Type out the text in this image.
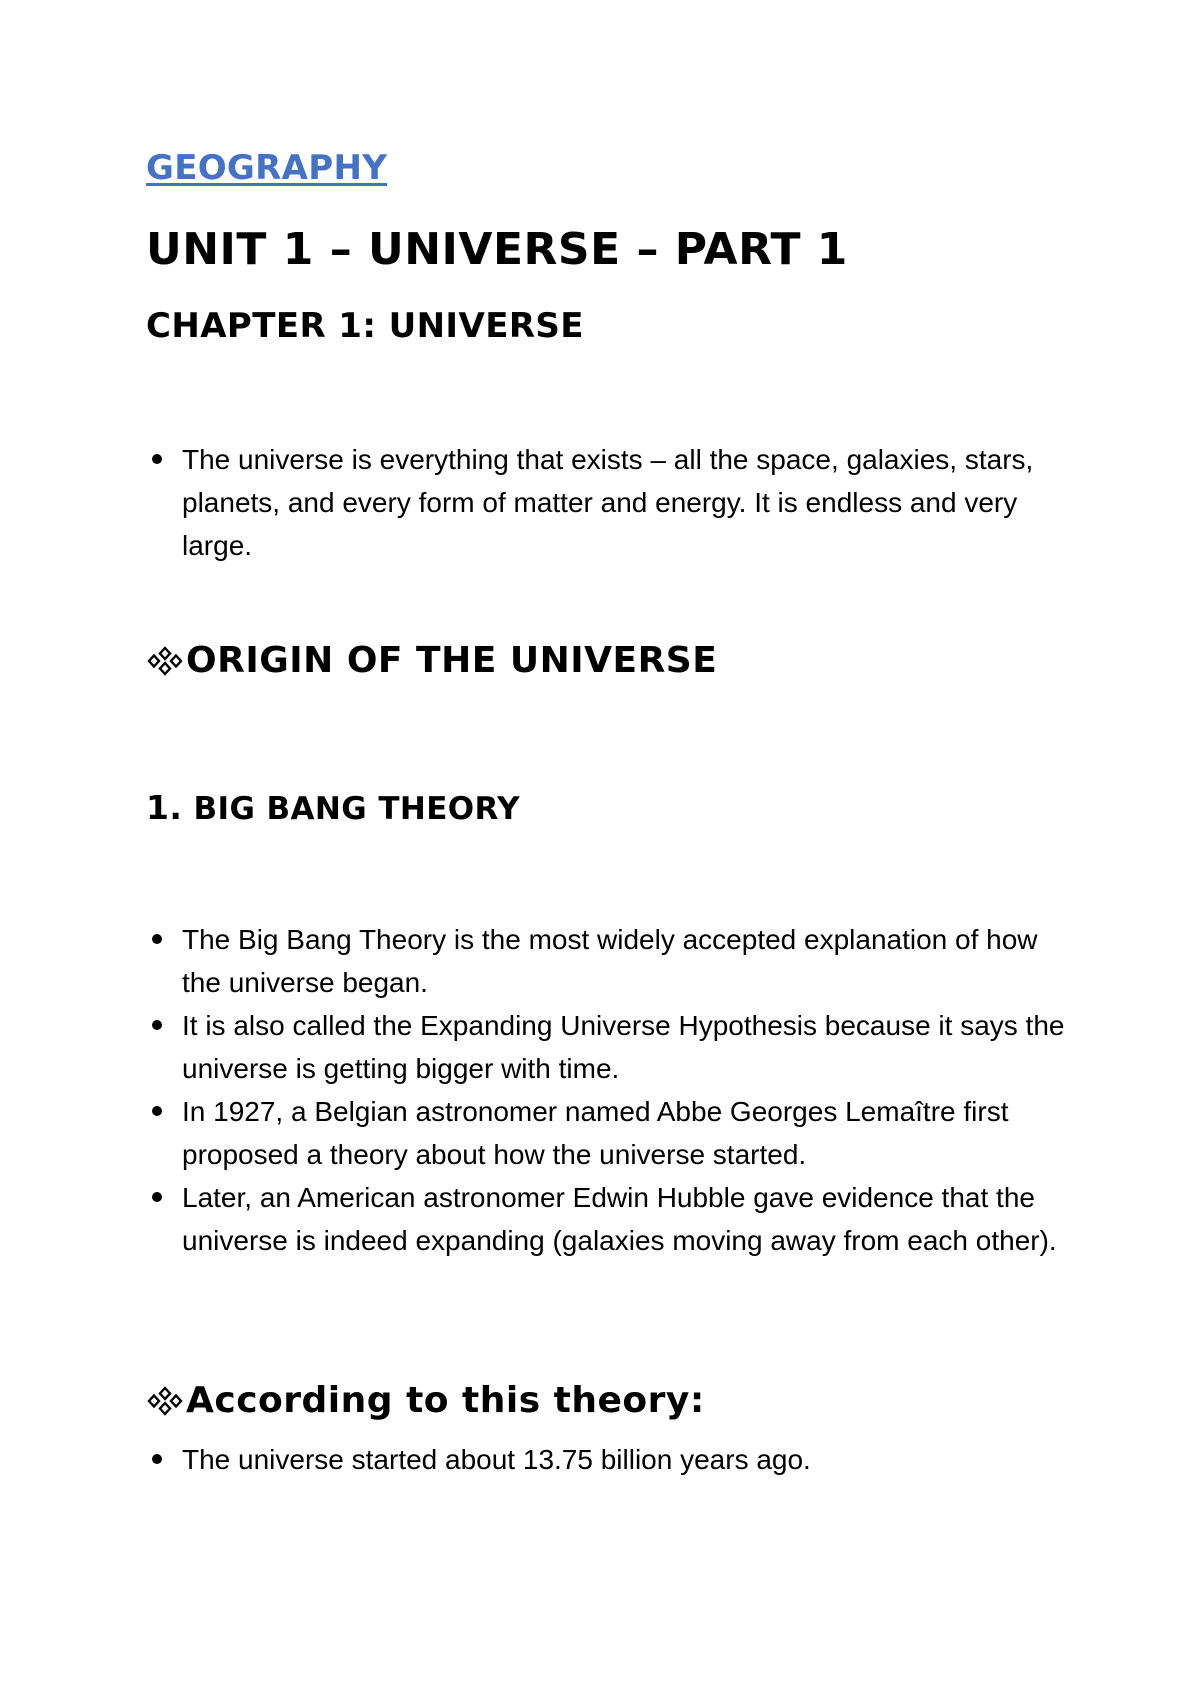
GEOGRAPHY
UNIT 1 – UNIVERSE – PART 1
CHAPTER 1: UNIVERSE
The universe is everything that exists – all the space, galaxies, stars, planets, and every form of matter and energy. It is endless and very large.
ORIGIN OF THE UNIVERSE
1. BIG BANG THEORY
The Big Bang Theory is the most widely accepted explanation of how the universe began.
It is also called the Expanding Universe Hypothesis because it says the universe is getting bigger with time.
In 1927, a Belgian astronomer named Abbe Georges Lemaître first proposed a theory about how the universe started.
Later, an American astronomer Edwin Hubble gave evidence that the universe is indeed expanding (galaxies moving away from each other).
According to this theory:
The universe started about 13.75 billion years ago.
